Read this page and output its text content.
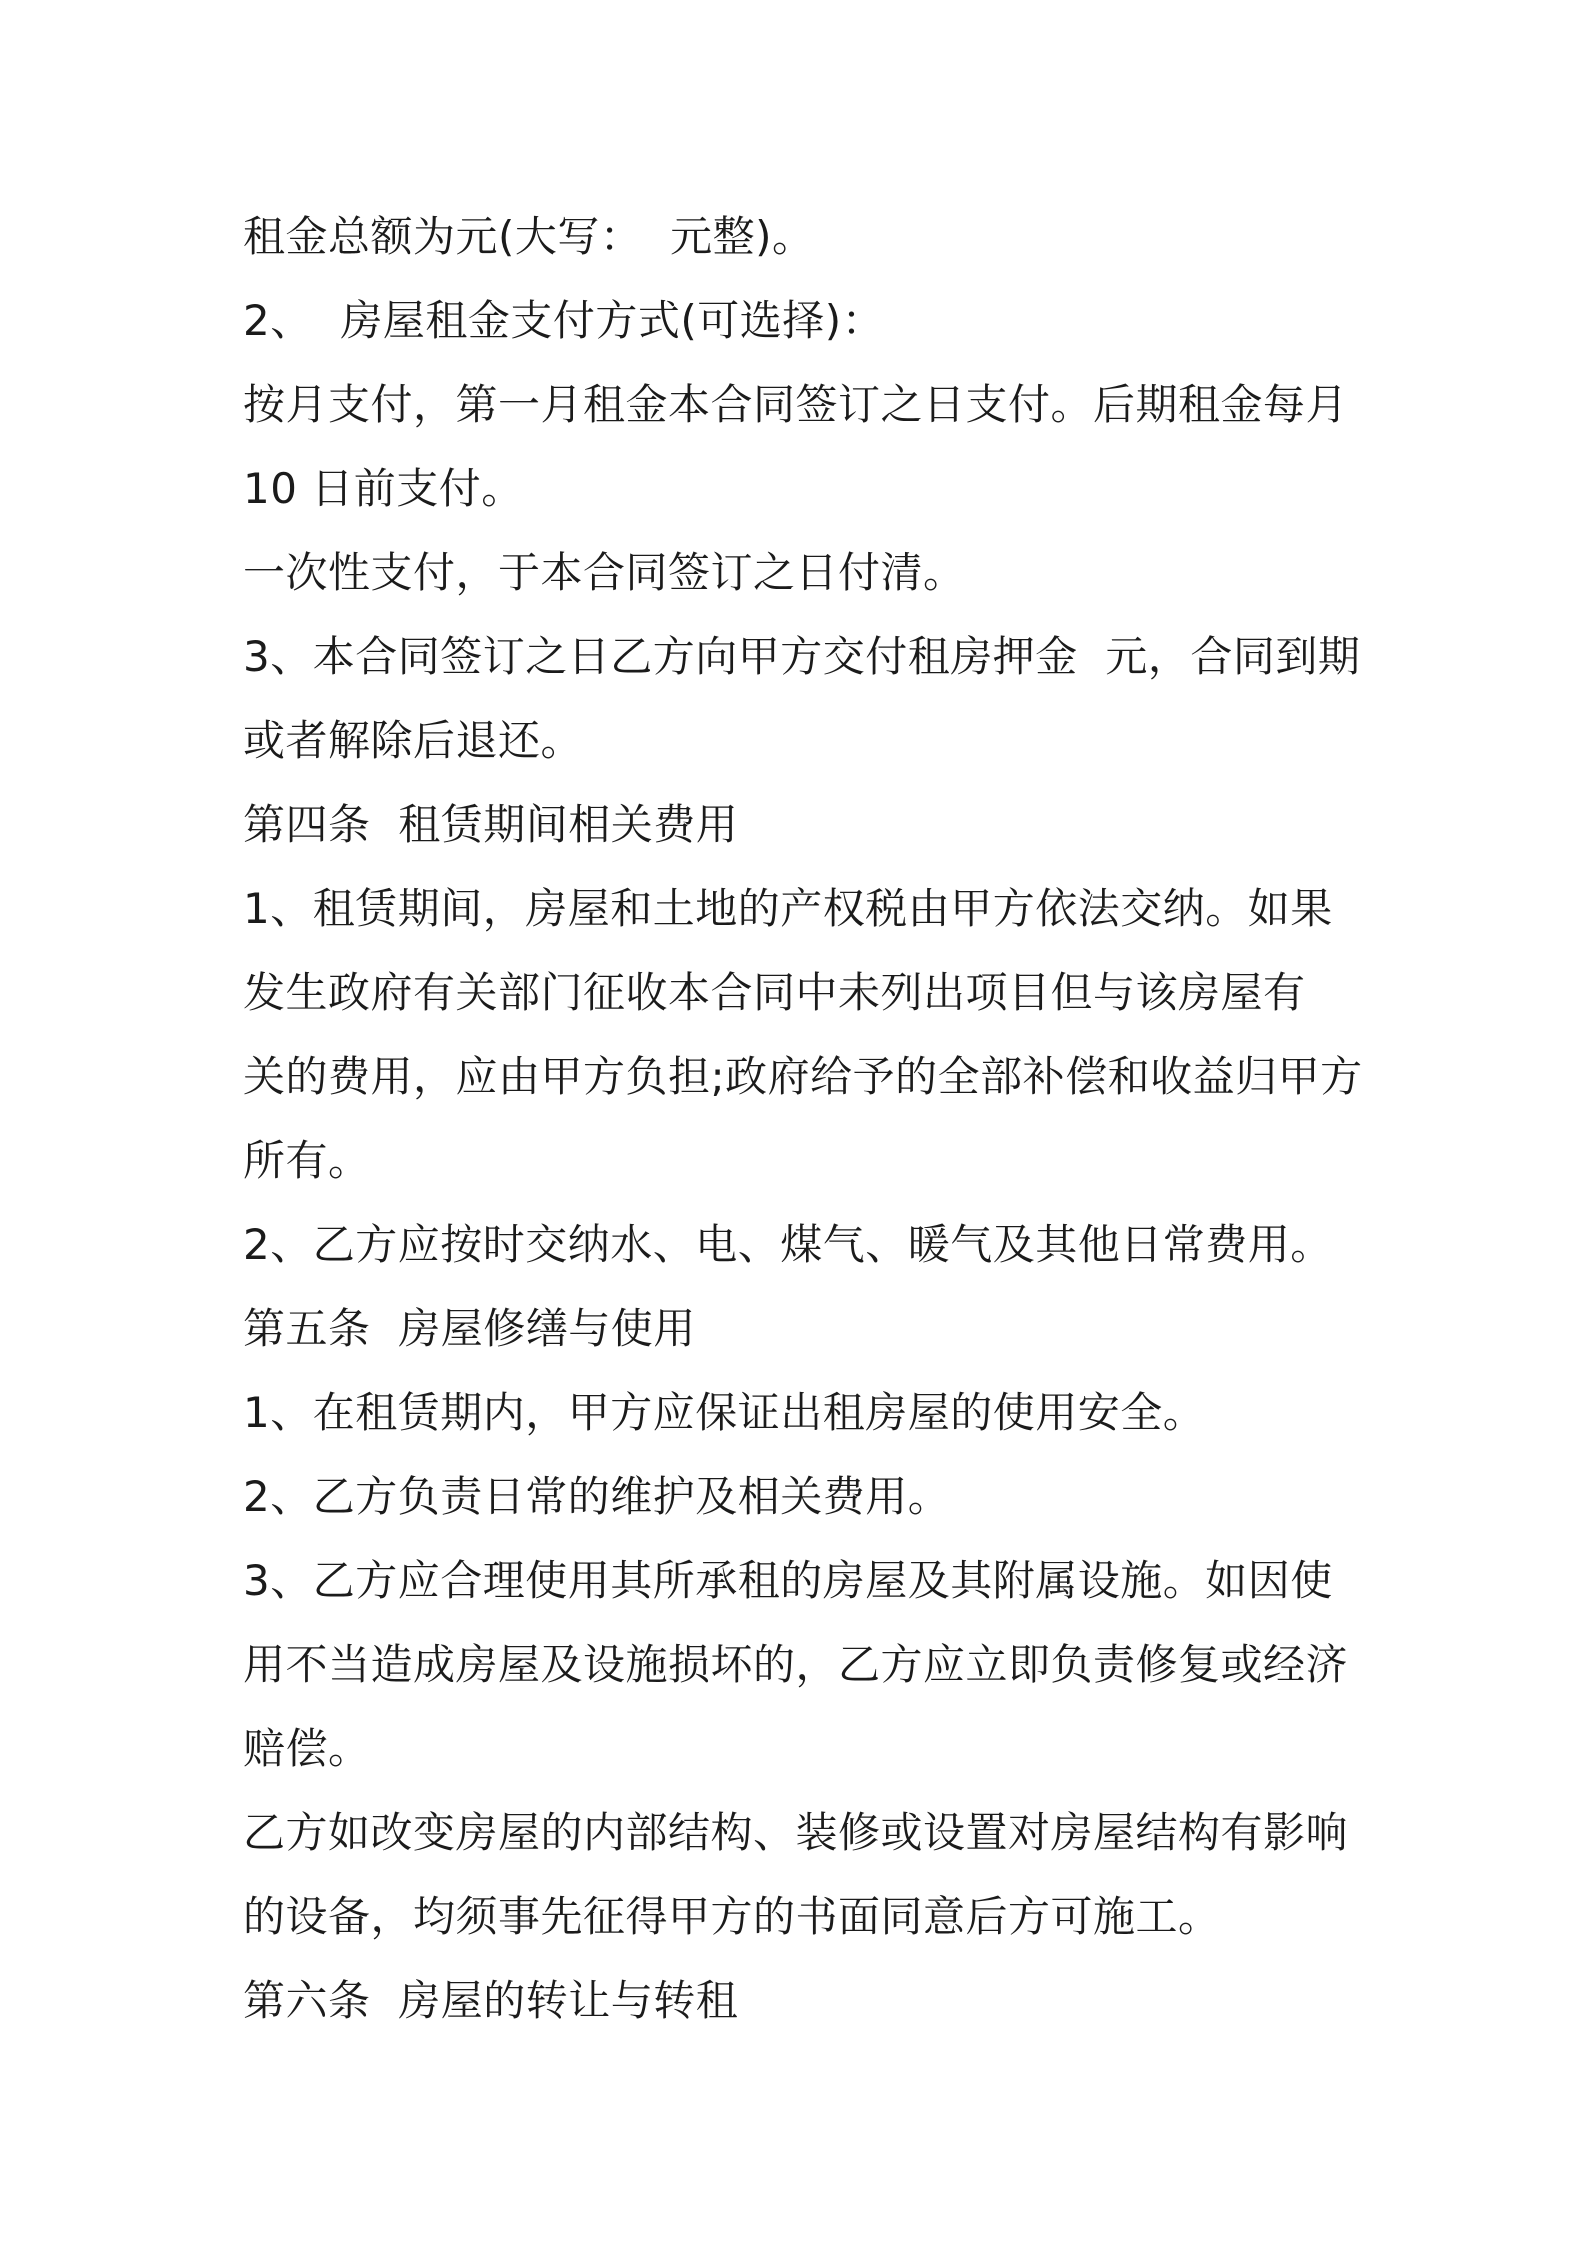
租金总额为元(大写：  元整)。
2、  房屋租金支付方式(可选择)：
按月支付，第一月租金本合同签订之日支付。后期租金每月
10 日前支付。
一次性支付，于本合同签订之日付清。
3、本合同签订之日乙方向甲方交付租房押金  元，合同到期
或者解除后退还。
第四条  租赁期间相关费用
1、租赁期间，房屋和土地的产权税由甲方依法交纳。如果
发生政府有关部门征收本合同中未列出项目但与该房屋有
关的费用，应由甲方负担;政府给予的全部补偿和收益归甲方
所有。
2、乙方应按时交纳水、电、煤气、暖气及其他日常费用。
第五条  房屋修缮与使用
1、在租赁期内，甲方应保证出租房屋的使用安全。
2、乙方负责日常的维护及相关费用。
3、乙方应合理使用其所承租的房屋及其附属设施。如因使
用不当造成房屋及设施损坏的，乙方应立即负责修复或经济
赔偿。
乙方如改变房屋的内部结构、装修或设置对房屋结构有影响
的设备，均须事先征得甲方的书面同意后方可施工。
第六条  房屋的转让与转租
